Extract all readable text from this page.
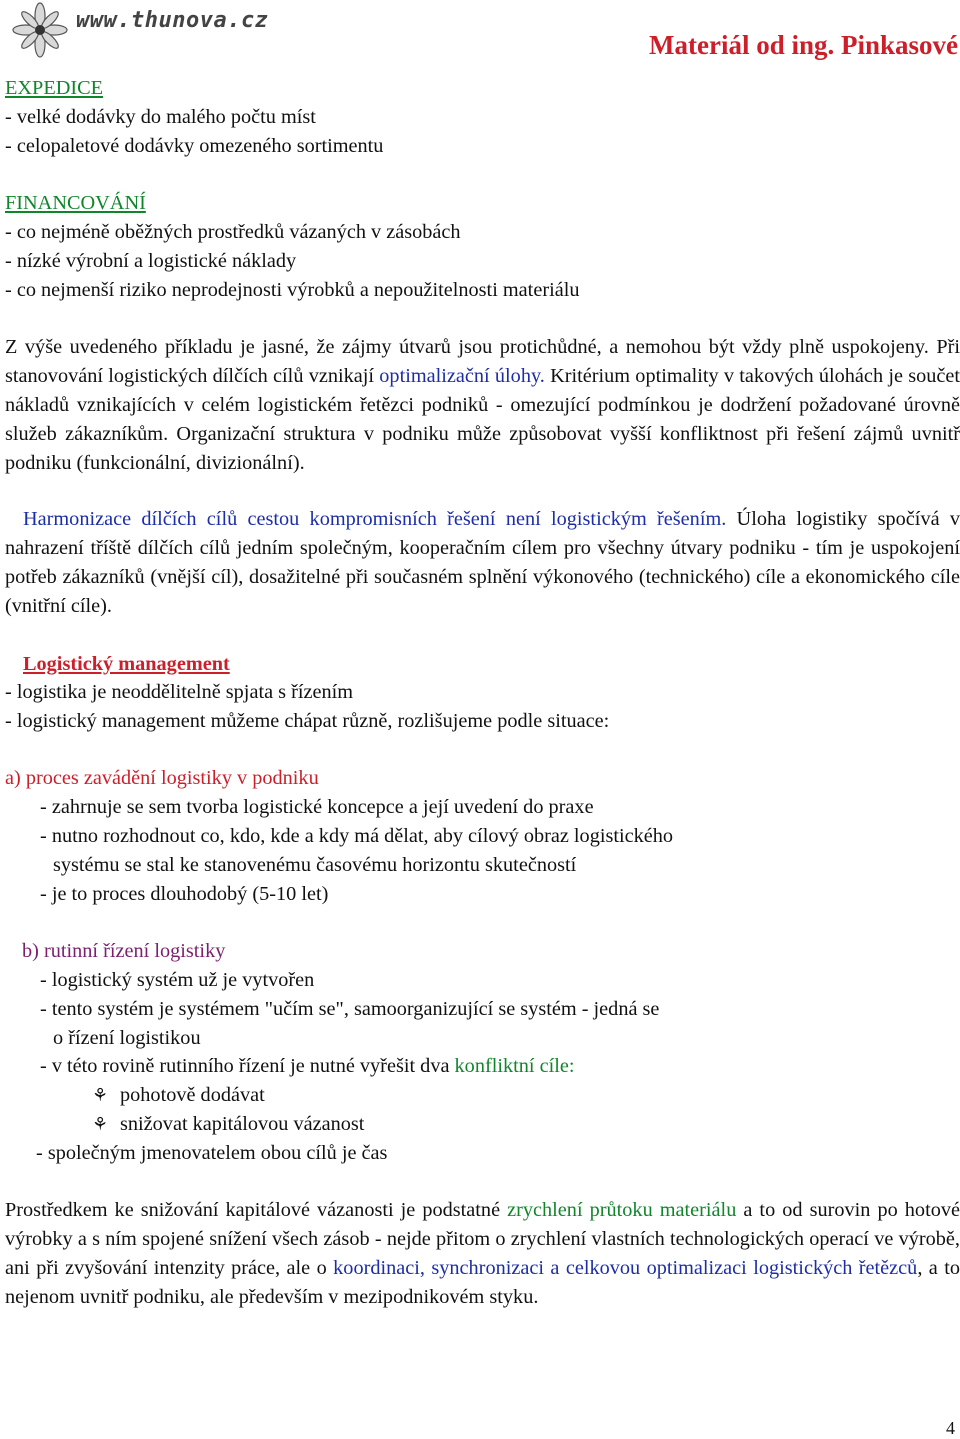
www.thunova.cz
Materiál od ing. Pinkasové
EXPEDICE
- velké dodávky do malého počtu míst
- celopaletové dodávky omezeného sortimentu
FINANCOVÁNÍ
- co nejméně oběžných prostředků vázaných v zásobách
- nízké výrobní a logistické náklady
- co nejmenší riziko neprodejnosti výrobků a nepoužitelnosti materiálu
Z výše uvedeného příkladu je jasné, že zájmy útvarů jsou protichůdné, a nemohou být vždy plně uspokojeny. Při stanovování logistických dílčích cílů vznikají optimalizační úlohy. Kritérium optimality v takových úlohách je součet nákladů vznikajících v celém logistickém řetězci podniků - omezující podmínkou je dodržení požadované úrovně služeb zákazníkům. Organizační struktura v podniku může způsobovat vyšší konfliktnost při řešení zájmů uvnitř podniku (funkcionální, divizionální).
Harmonizace dílčích cílů cestou kompromisních řešení není logistickým řešením. Úloha logistiky spočívá v nahrazení tříště dílčích cílů jedním společným, kooperačním cílem pro všechny útvary podniku - tím je uspokojení potřeb zákazníků (vnější cíl), dosažitelné při současném splnění výkonového (technického) cíle a ekonomického cíle (vnitřní cíle).
Logistický management
- logistika je neoddělitelně spjata s řízením
- logistický management můžeme chápat různě, rozlišujeme podle situace:
a) proces zavádění logistiky v podniku
- zahrnuje se sem tvorba logistické koncepce a její uvedení do praxe
- nutno rozhodnout co, kdo, kde a kdy má dělat, aby cílový obraz logistického
systému se stal ke stanovenému časovému horizontu skutečností
- je to proces dlouhodobý (5-10 let)
b) rutinní řízení logistiky
- logistický systém už je vytvořen
- tento systém je systémem "učím se", samoorganizující se systém - jedná se
o řízení logistikou
- v této rovině rutinního řízení je nutné vyřešit dva konfliktní cíle:
⚘ pohotově dodávat
⚘ snižovat kapitálovou vázanost
- společným jmenovatelem obou cílů je čas
Prostředkem ke snižování kapitálové vázanosti je podstatné zrychlení průtoku materiálu a to od surovin po hotové výrobky a s ním spojené snížení všech zásob - nejde přitom o zrychlení vlastních technologických operací ve výrobě, ani při zvyšování intenzity práce, ale o koordinaci, synchronizaci a celkovou optimalizaci logistických řetězců, a to nejenom uvnitř podniku, ale především v mezipodnikovém styku.
4
